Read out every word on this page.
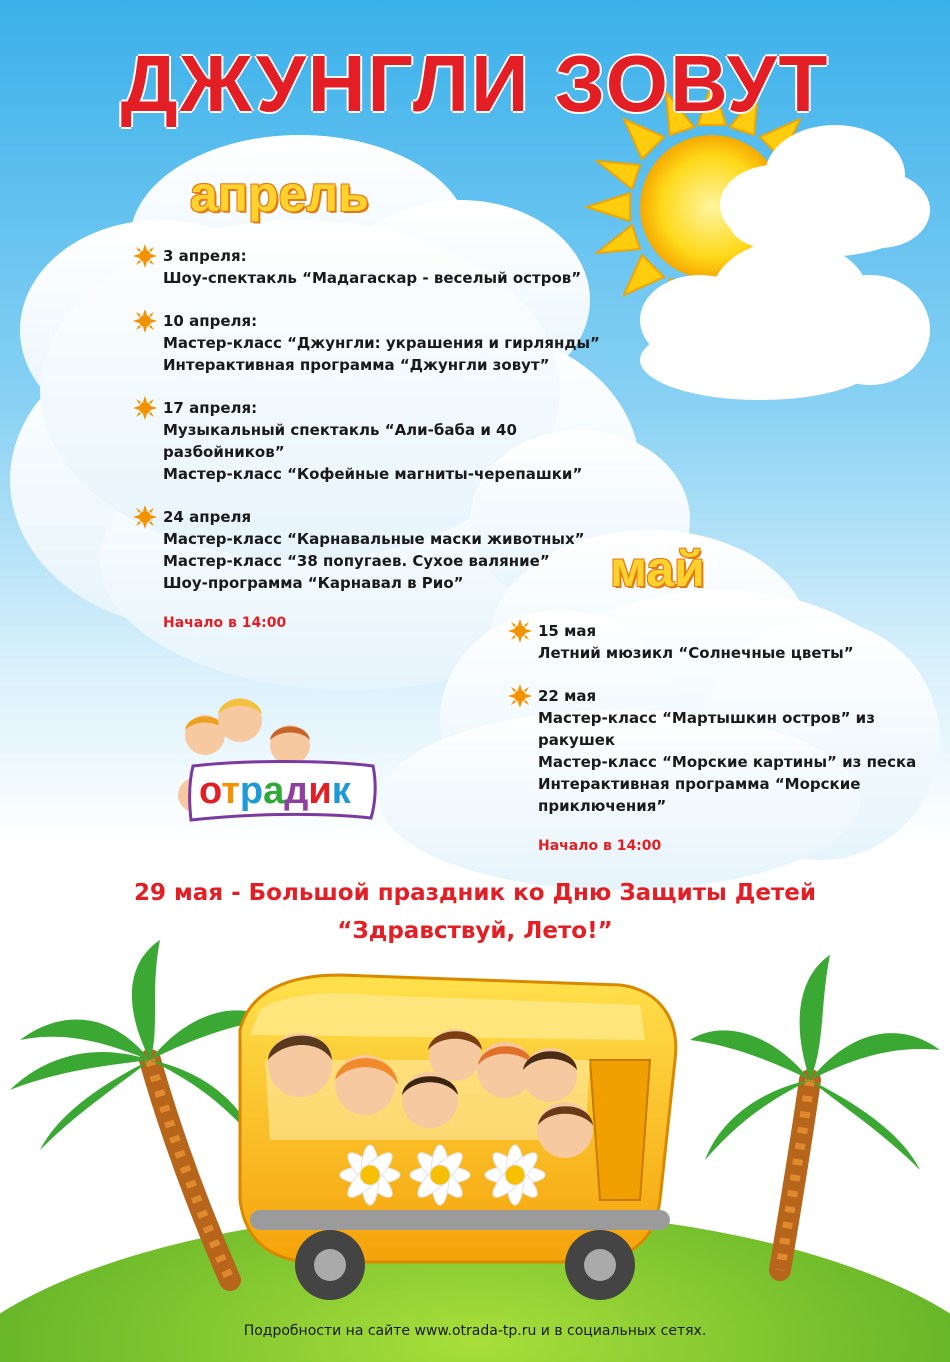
ДЖУНГЛИ ЗОВУТ
апрель
3 апреля:
Шоу-спектакль “Мадагаскар - веселый остров”
10 апреля:
Мастер-класс “Джунгли: украшения и гирлянды”
Интерактивная программа “Джунгли зовут”
17 апреля:
Музыкальный спектакль “Али-баба и 40
разбойников”
Мастер-класс “Кофейные магниты-черепашки”
24 апреля
Мастер-класс “Карнавальные маски животных”
Мастер-класс “38 попугаев. Сухое валяние”
Шоу-программа “Карнавал в Рио”
Начало в 14:00
май
15 мая
Летний мюзикл “Солнечные цветы”
22 мая
Мастер-класс “Мартышкин остров” из ракушек
Мастер-класс “Морские картины” из песка
Интерактивная программа “Морские
приключения”
Начало в 14:00
отрадик
29 мая - Большой праздник ко Дню Защиты Детей
“Здравствуй, Лето!”
Подробности на сайте www.otrada-tp.ru и в социальных сетях.
